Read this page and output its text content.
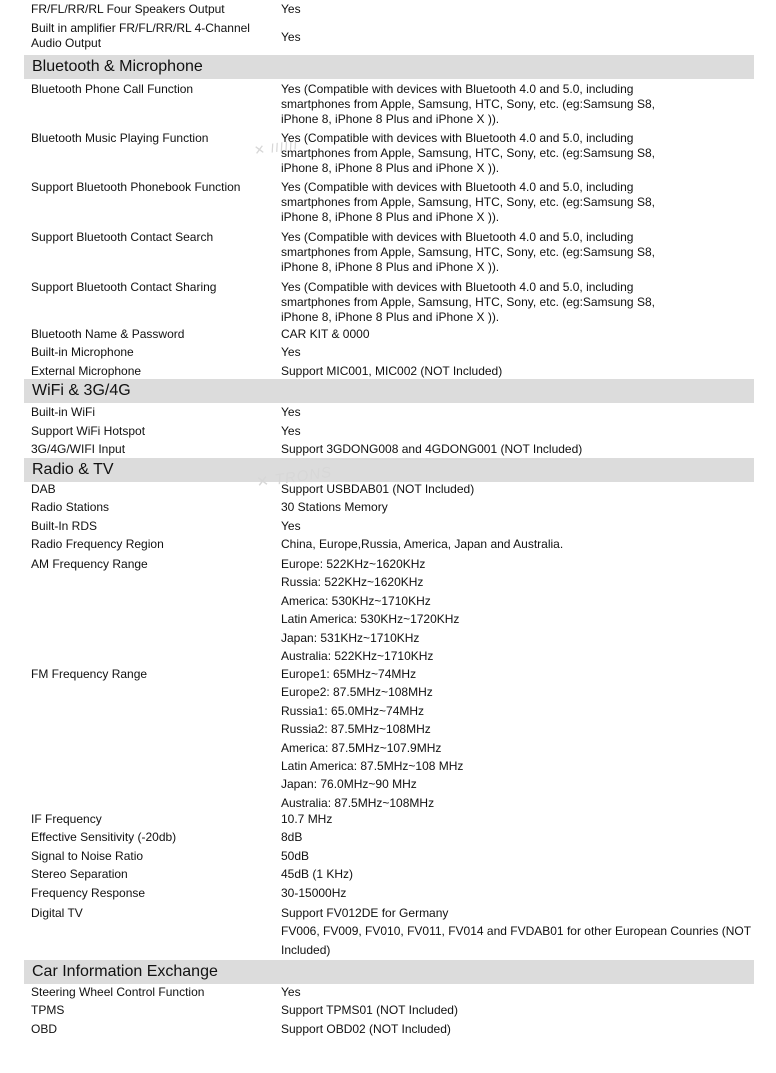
FR/FL/RR/RL Four Speakers Output	Yes
Built in amplifier FR/FL/RR/RL 4-Channel Audio Output	Yes
Bluetooth & Microphone
WiFi & 3G/4G
Radio & TV
Car Information Exchange
✕ IIIIII
✕ TRONS
Bluetooth Phone Call Function	Yes (Compatible with devices with Bluetooth 4.0 and 5.0, including
smartphones from Apple, Samsung, HTC, Sony, etc. (eg:Samsung S8,
iPhone 8, iPhone 8 Plus and iPhone X )).
Bluetooth Music Playing Function	Yes (Compatible with devices with Bluetooth 4.0 and 5.0, including
smartphones from Apple, Samsung, HTC, Sony, etc. (eg:Samsung S8,
iPhone 8, iPhone 8 Plus and iPhone X )).
Support Bluetooth Phonebook Function	Yes (Compatible with devices with Bluetooth 4.0 and 5.0, including
smartphones from Apple, Samsung, HTC, Sony, etc. (eg:Samsung S8,
iPhone 8, iPhone 8 Plus and iPhone X )).
Support Bluetooth Contact Search	Yes (Compatible with devices with Bluetooth 4.0 and 5.0, including
smartphones from Apple, Samsung, HTC, Sony, etc. (eg:Samsung S8,
iPhone 8, iPhone 8 Plus and iPhone X )).
Support Bluetooth Contact Sharing	Yes (Compatible with devices with Bluetooth 4.0 and 5.0, including
smartphones from Apple, Samsung, HTC, Sony, etc. (eg:Samsung S8,
iPhone 8, iPhone 8 Plus and iPhone X )).
Bluetooth Name & Password	CAR KIT & 0000
Built-in Microphone	Yes
External Microphone	Support MIC001, MIC002 (NOT Included)
Built-in WiFi	Yes
Support WiFi Hotspot	Yes
3G/4G/WIFI Input	Support 3GDONG008 and 4GDONG001 (NOT Included)
DAB	Support USBDAB01 (NOT Included)
Radio Stations	30 Stations Memory
Built-In RDS	Yes
Radio Frequency Region	China, Europe,Russia, America, Japan and Australia.
AM Frequency Range	Europe: 522KHz~1620KHz
Russia: 522KHz~1620KHz
America: 530KHz~1710KHz
Latin America: 530KHz~1720KHz
Japan: 531KHz~1710KHz
Australia: 522KHz~1710KHz
FM Frequency Range	Europe1: 65MHz~74MHz
Europe2: 87.5MHz~108MHz
Russia1: 65.0MHz~74MHz
Russia2: 87.5MHz~108MHz
America: 87.5MHz~107.9MHz
Latin America: 87.5MHz~108 MHz
Japan: 76.0MHz~90 MHz
Australia: 87.5MHz~108MHz
IF Frequency	10.7 MHz
Effective Sensitivity (-20db)	8dB
Signal to Noise Ratio	50dB
Stereo Separation	45dB (1 KHz)
Frequency Response	30-15000Hz
Digital TV	Support FV012DE for Germany
FV006, FV009, FV010, FV011, FV014 and FVDAB01 for other European Counries (NOT
Included)
Steering Wheel Control Function	Yes
TPMS	Support TPMS01 (NOT Included)
OBD	Support OBD02 (NOT Included)
